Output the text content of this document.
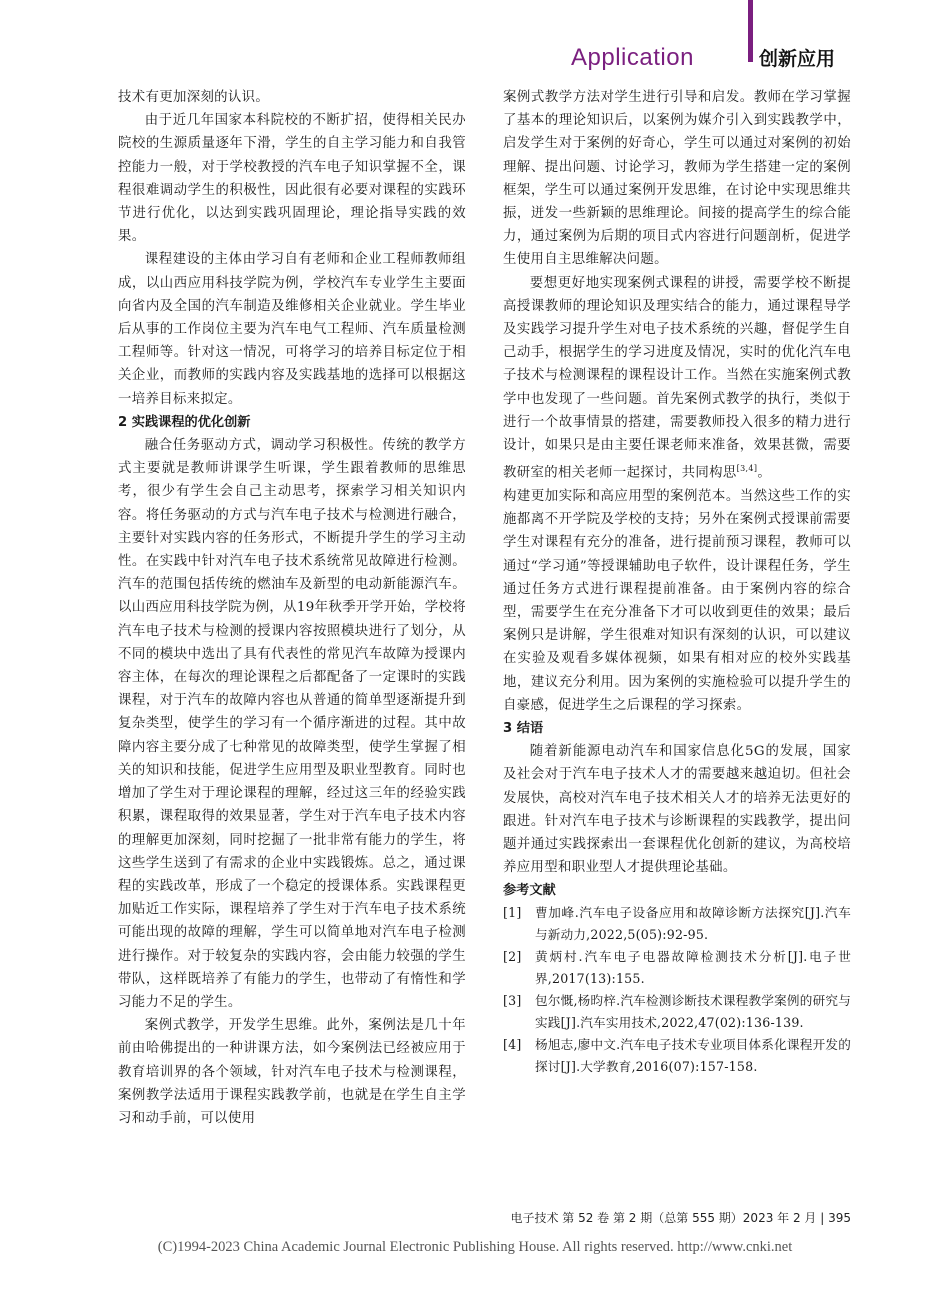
Application	创新应用

技术有更加深刻的认识。

由于近几年国家本科院校的不断扩招，使得相关民办院校的生源质量逐年下滑，学生的自主学习能力和自我管控能力一般，对于学校教授的汽车电子知识掌握不全，课程很难调动学生的积极性，因此很有必要对课程的实践环节进行优化，以达到实践巩固理论，理论指导实践的效果。

课程建设的主体由学习自有老师和企业工程师教师组成，以山西应用科技学院为例，学校汽车专业学生主要面向省内及全国的汽车制造及维修相关企业就业。学生毕业后从事的工作岗位主要为汽车电气工程师、汽车质量检测工程师等。针对这一情况，可将学习的培养目标定位于相关企业，而教师的实践内容及实践基地的选择可以根据这一培养目标来拟定。

2 实践课程的优化创新

融合任务驱动方式，调动学习积极性。传统的教学方式主要就是教师讲课学生听课，学生跟着教师的思维思考，很少有学生会自己主动思考，探索学习相关知识内容。将任务驱动的方式与汽车电子技术与检测进行融合，主要针对实践内容的任务形式，不断提升学生的学习主动性。在实践中针对汽车电子技术系统常见故障进行检测。汽车的范围包括传统的燃油车及新型的电动新能源汽车。以山西应用科技学院为例，从19年秋季开学开始，学校将汽车电子技术与检测的授课内容按照模块进行了划分，从不同的模块中选出了具有代表性的常见汽车故障为授课内容主体，在每次的理论课程之后都配备了一定课时的实践课程，对于汽车的故障内容也从普通的简单型逐渐提升到复杂类型，使学生的学习有一个循序渐进的过程。其中故障内容主要分成了七种常见的故障类型，使学生掌握了相关的知识和技能，促进学生应用型及职业型教育。同时也增加了学生对于理论课程的理解，经过这三年的经验实践积累，课程取得的效果显著，学生对于汽车电子技术内容的理解更加深刻，同时挖掘了一批非常有能力的学生，将这些学生送到了有需求的企业中实践锻炼。总之，通过课程的实践改革，形成了一个稳定的授课体系。实践课程更加贴近工作实际，课程培养了学生对于汽车电子技术系统可能出现的故障的理解，学生可以简单地对汽车电子检测进行操作。对于较复杂的实践内容，会由能力较强的学生带队，这样既培养了有能力的学生，也带动了有惰性和学习能力不足的学生。

案例式教学，开发学生思维。此外，案例法是几十年前由哈佛提出的一种讲课方法，如今案例法已经被应用于教育培训界的各个领域，针对汽车电子技术与检测课程，案例教学法适用于课程实践教学前，也就是在学生自主学习和动手前，可以使用

案例式教学方法对学生进行引导和启发。教师在学习掌握了基本的理论知识后，以案例为媒介引入到实践教学中，启发学生对于案例的好奇心，学生可以通过对案例的初始理解、提出问题、讨论学习，教师为学生搭建一定的案例框架，学生可以通过案例开发思维，在讨论中实现思维共振，迸发一些新颖的思维理论。间接的提高学生的综合能力，通过案例为后期的项目式内容进行问题剖析，促进学生使用自主思维解决问题。

要想更好地实现案例式课程的讲授，需要学校不断提高授课教师的理论知识及理实结合的能力，通过课程导学及实践学习提升学生对电子技术系统的兴趣，督促学生自己动手，根据学生的学习进度及情况，实时的优化汽车电子技术与检测课程的课程设计工作。当然在实施案例式教学中也发现了一些问题。首先案例式教学的执行，类似于进行一个故事情景的搭建，需要教师投入很多的精力进行设计，如果只是由主要任课老师来准备，效果甚微，需要教研室的相关老师一起探讨，共同构思[3,4]。

构建更加实际和高应用型的案例范本。当然这些工作的实施都离不开学院及学校的支持；另外在案例式授课前需要学生对课程有充分的准备，进行提前预习课程，教师可以通过“学习通”等授课辅助电子软件，设计课程任务，学生通过任务方式进行课程提前准备。由于案例内容的综合型，需要学生在充分准备下才可以收到更佳的效果；最后案例只是讲解，学生很难对知识有深刻的认识，可以建议在实验及观看多媒体视频，如果有相对应的校外实践基地，建议充分利用。因为案例的实施检验可以提升学生的自豪感，促进学生之后课程的学习探索。

3 结语

随着新能源电动汽车和国家信息化5G的发展，国家及社会对于汽车电子技术人才的需要越来越迫切。但社会发展快，高校对汽车电子技术相关人才的培养无法更好的跟进。针对汽车电子技术与诊断课程的实践教学，提出问题并通过实践探索出一套课程优化创新的建议，为高校培养应用型和职业型人才提供理论基础。

参考文献

[1]	曹加峰.汽车电子设备应用和故障诊断方法探究[J].汽车与新动力,2022,5(05):92-95.
[2]	黄炳村.汽车电子电器故障检测技术分析[J].电子世界,2017(13):155.
[3]	包尔慨,杨昀梓.汽车检测诊断技术课程教学案例的研究与实践[J].汽车实用技术,2022,47(02):136-139.
[4]	杨旭志,廖中文.汽车电子技术专业项目体系化课程开发的探讨[J].大学教育,2016(07):157-158.
电子技术 第 52 卷 第 2 期（总第 555 期）2023 年 2 月 | 395
(C)1994-2023 China Academic Journal Electronic Publishing House. All rights reserved. http://www.cnki.net
